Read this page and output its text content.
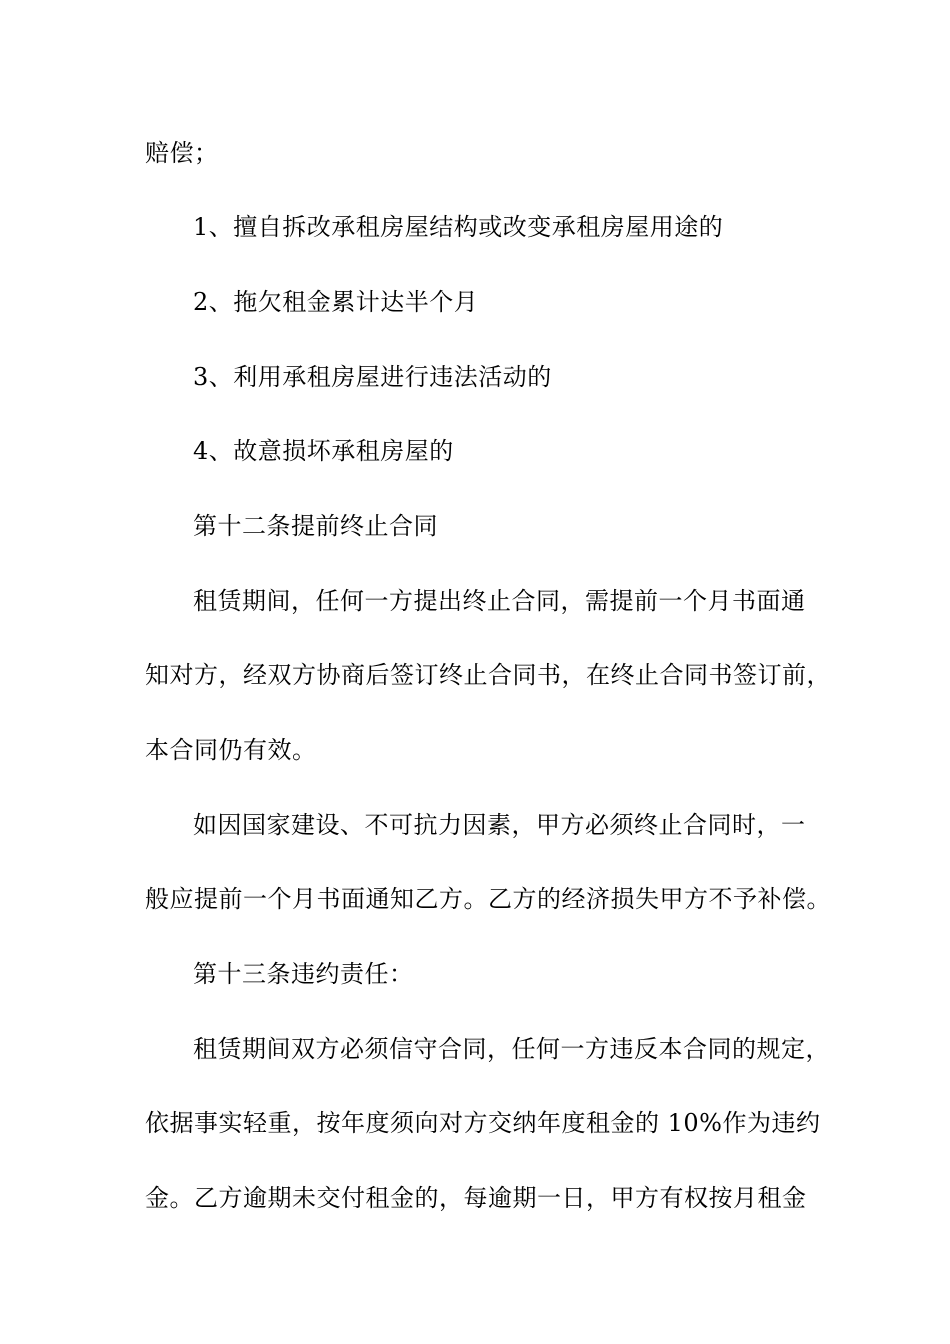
赔偿；
1、擅自拆改承租房屋结构或改变承租房屋用途的
2、拖欠租金累计达半个月
3、利用承租房屋进行违法活动的
4、故意损坏承租房屋的
第十二条提前终止合同
租赁期间，任何一方提出终止合同，需提前一个月书面通
知对方，经双方协商后签订终止合同书，在终止合同书签订前，
本合同仍有效。
如因国家建设、不可抗力因素，甲方必须终止合同时，一
般应提前一个月书面通知乙方。乙方的经济损失甲方不予补偿。
第十三条违约责任：
租赁期间双方必须信守合同，任何一方违反本合同的规定，
依据事实轻重，按年度须向对方交纳年度租金的 10%作为违约
金。乙方逾期未交付租金的，每逾期一日，甲方有权按月租金
